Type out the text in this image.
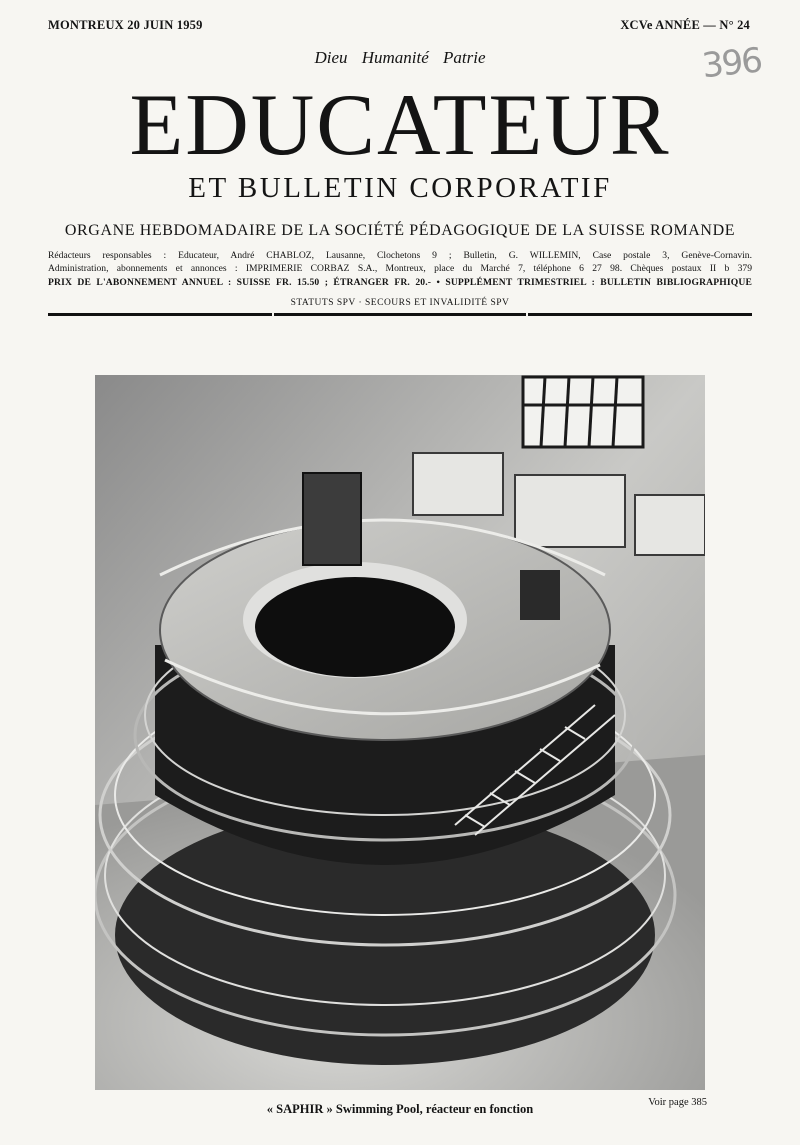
MONTREUX 20 JUIN 1959	XCVe ANNÉE — N° 24
396
Dieu Humanité Patrie
EDUCATEUR
ET BULLETIN CORPORATIF
ORGANE HEBDOMADAIRE DE LA SOCIÉTÉ PÉDAGOGIQUE DE LA SUISSE ROMANDE
Rédacteurs responsables : Educateur, André CHABLOZ, Lausanne, Clochetons 9 ; Bulletin, G. WILLEMIN, Case postale 3, Genève-Cornavin.
Administration, abonnements et annonces : IMPRIMERIE CORBAZ S.A., Montreux, place du Marché 7, téléphone 6 27 98. Chèques postaux II b 379
PRIX DE L'ABONNEMENT ANNUEL : SUISSE FR. 15.50 ; ÉTRANGER FR. 20.- • SUPPLÉMENT TRIMESTRIEL : BULLETIN BIBLIOGRAPHIQUE
STATUTS SPV · SECOURS ET INVALIDITÉ SPV
Voir page 385
« SAPHIR » Swimming Pool, réacteur en fonction
